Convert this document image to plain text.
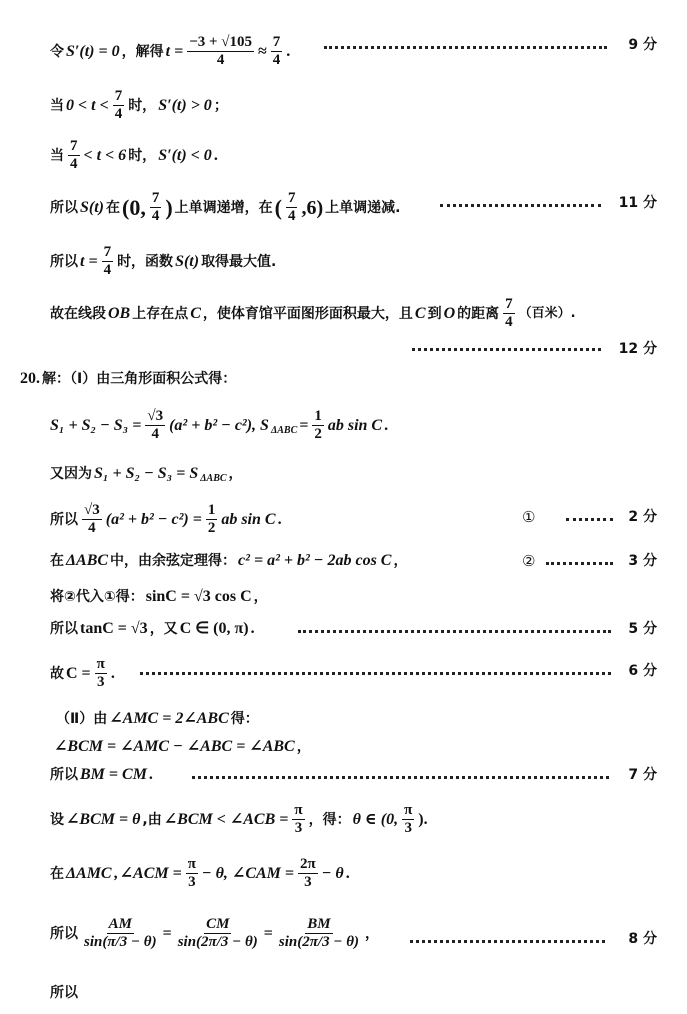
令 S′(t) = 0 ，解得 $t = \frac{-3 + √105}{4} \approx \frac{7}{4}$ .	9 分
当 $0 < t < \frac{7}{4}$ 时， S′(t) > 0 ；
当 $\frac{7}{4} < t < 6$ 时， S′(t) < 0 .
所以 S(t) 在 (0, $\frac{7}{4}$ ) 上单调递增，在 ( $\frac{7}{4} ,6$) 上单调递减.	11 分
所以 $t = \frac{7}{4}$ 时，函数 S(t) 取得最大值.
故在线段 OB 上存在点 C ，使体育馆平面图形面积最大，且 C 到 O 的距离 $\frac{7}{4}$ （百米）.
12 分
20. 解：（Ⅰ）由三角形面积公式得：
$S_1 + S_2 - S_3 = \frac{√3}{4} (a^2 + b^2 - c^2)$, S $\Delta ABC = \frac{1}{2}$ ab sin C .
又因为 S₁ + S₂ − S₃ = S ΔABC ，
所以 $\frac{√3}{4} (a^2 + b^2 - c^2) = \frac{1}{2}$ ab sin C .	①	2 分
在 ΔABC 中，由余弦定理得： c² = a² + b² − 2ab cos C ，	②	3 分
将②代入①得： sinC = √3 cos C ，
所以 tanC = √3 ，又 C ∈ (0, π) .	5 分
故 $C = \frac{\pi}{3}$ .	6 分
（Ⅱ）由 ∠AMC = 2∠ABC 得：
∠BCM = ∠AMC − ∠ABC = ∠ABC ，
所以 BM = CM .	7 分
设 ∠BCM = θ ,由 ∠BCM < ∠ACB = $\frac{\pi}{3}$ ，得： θ ∈ (0, $\frac{\pi}{3}$ ).
在 ΔAMC , ∠ACM = $\frac{\pi}{3} - \theta$, ∠CAM = $\frac{2\pi}{3} - \theta$ .
所以 $\frac{AM}{\sin(\pi/3 - \theta)} = \frac{CM}{\sin(2\pi/3 - \theta)} = \frac{BM}{\sin(2\pi/3 - \theta)}$ ，	8 分
所以
